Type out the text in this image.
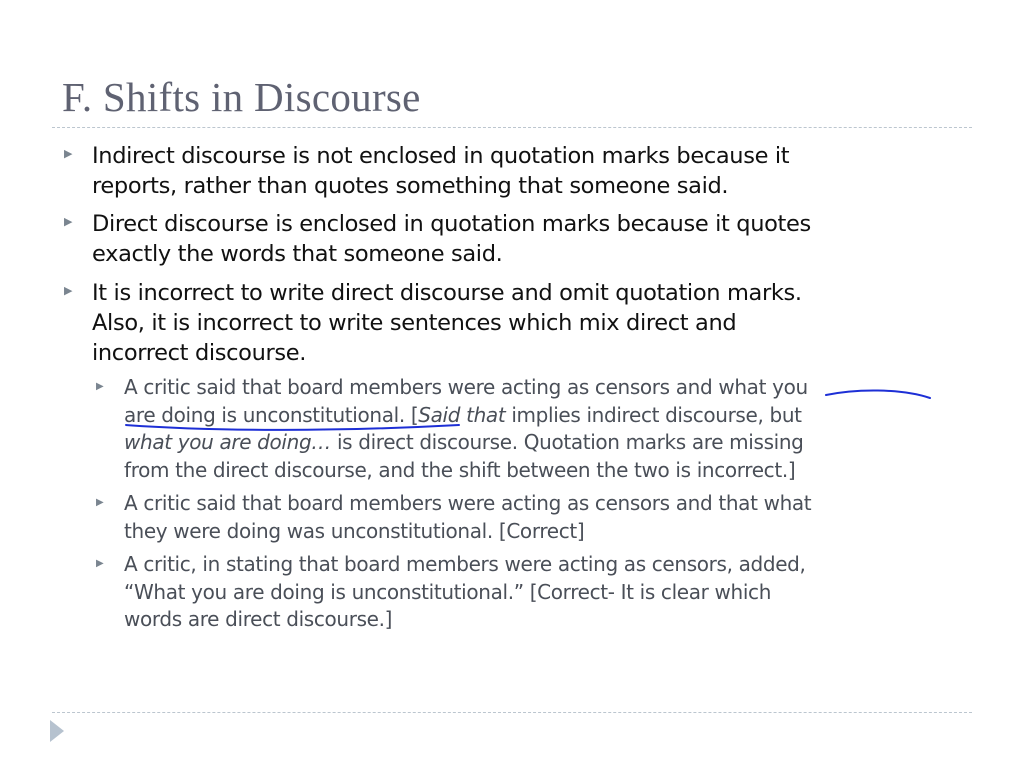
F. Shifts in Discourse
▶ Indirect discourse is not enclosed in quotation marks because it
reports, rather than quotes something that someone said.
▶ Direct discourse is enclosed in quotation marks because it quotes
exactly the words that someone said.
▶ It is incorrect to write direct discourse and omit quotation marks.
Also, it is incorrect to write sentences which mix direct and
incorrect discourse.
▶ A critic said that board members were acting as censors and what you
are doing is unconstitutional. [Said that implies indirect discourse, but
what you are doing… is direct discourse. Quotation marks are missing
from the direct discourse, and the shift between the two is incorrect.]
▶ A critic said that board members were acting as censors and that what
they were doing was unconstitutional. [Correct]
▶ A critic, in stating that board members were acting as censors, added,
“What you are doing is unconstitutional.” [Correct- It is clear which
words are direct discourse.]
